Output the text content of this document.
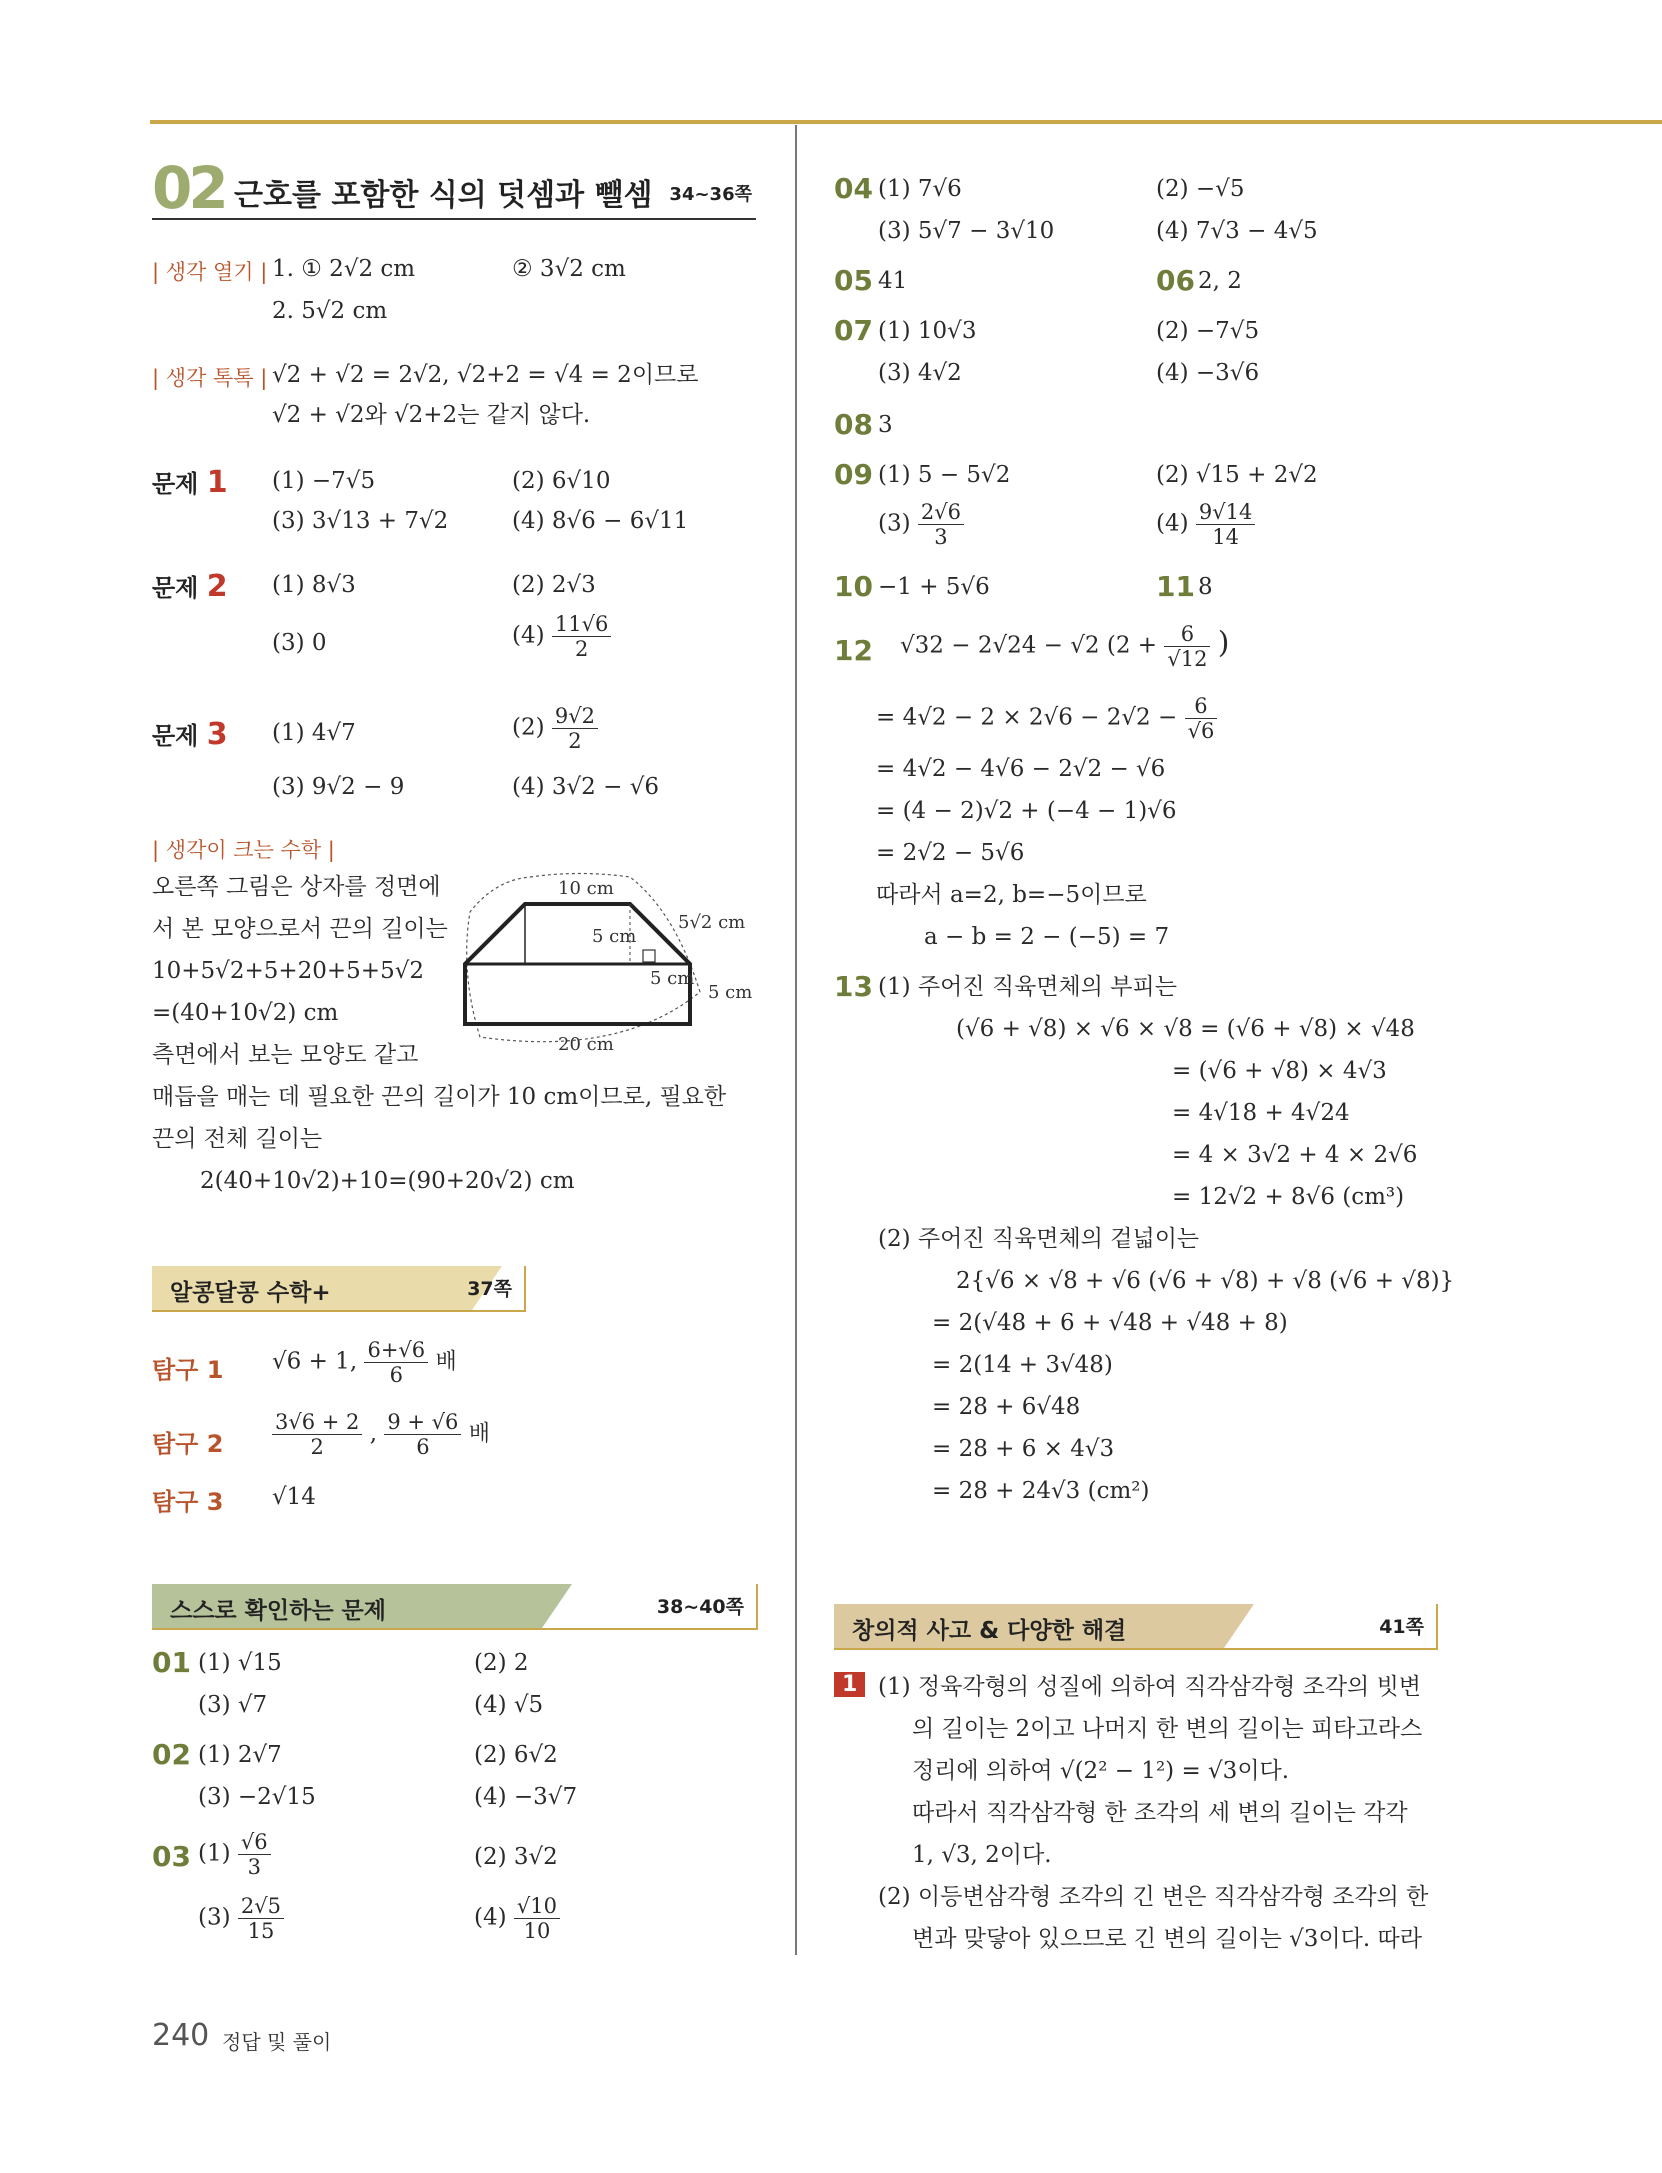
02 근호를 포함한 식의 덧셈과 뺄셈 34~36쪽
| 생각 열기 | 1. ① 2√2 cm	② 3√2 cm
2. 5√2 cm
| 생각 톡톡 | √2 + √2 = 2√2, √2+2 = √4 = 2이므로
√2 + √2와 √2+2는 같지 않다.
문제 1 (1) −7√5	(2) 6√10
(3) 3√13 + 7√2	(4) 8√6 − 6√11
문제 2 (1) 8√3	(2) 2√3
(3) 0	$(4) \frac{11√6}{2}$
문제 3 (1) 4√7	$(2) \frac{9√2}{2}$
(3) 9√2 − 9	(4) 3√2 − √6
| 생각이 크는 수학 |
오른쪽 그림은 상자를 정면에
서 본 모양으로서 끈의 길이는
10+5√2+5+20+5+5√2
=(40+10√2) cm
측면에서 보는 모양도 같고
매듭을 매는 데 필요한 끈의 길이가 10 cm이므로, 필요한
끈의 전체 길이는
2(40+10√2)+10=(90+20√2) cm
10 cm
5√2 cm
5 cm
5 cm
5 cm
20 cm
알콩달콩 수학+	37쪽
탐구 1 √6 + 1, $\frac{6+√6}{6}$ 배
탐구 $2 \frac{3√6 + 2}{2}$ , $\frac{9 + √6}{6}$ 배
탐구 3 √14
스스로 확인하는 문제	38~40쪽
01 (1) √15	(2) 2
(3) √7	(4) √5
02 (1) 2√7	(2) 6√2
(3) −2√15	(4) −3√7
03 $(1) \frac{√6}{3}$	(2) 3√2
$(3) \frac{2√5}{15}$	$(4) \frac{√10}{10}$
240 정답 및 풀이
04 (1) 7√6	(2) −√5
(3) 5√7 − 3√10	(4) 7√3 − 4√5
05 41	06 2, 2
07 (1) 10√3	(2) −7√5
(3) 4√2	(4) −3√6
08 3
09 (1) 5 − 5√2	(2) √15 + 2√2
$(3) \frac{2√6}{3}$	$(4) \frac{9√14}{14}$
10 −1 + 5√6	11 8
12 √32 − 2√24 − √2 ($2 + \frac{6}{√12}$ )
= $4√2 - 2 \times 2√6 - 2√2 - \frac{6}{√6}$
= 4√2 − 4√6 − 2√2 − √6
= (4 − 2)√2 + (−4 − 1)√6
= 2√2 − 5√6
따라서 a=2, b=−5이므로
a − b = 2 − (−5) = 7
13 (1) 주어진 직육면체의 부피는
(√6 + √8) × √6 × √8 = (√6 + √8) × √48
= (√6 + √8) × 4√3
= 4√18 + 4√24
= 4 × 3√2 + 4 × 2√6
= 12√2 + 8√6 (cm³)
(2) 주어진 직육면체의 겉넓이는
2{√6 × √8 + √6 (√6 + √8) + √8 (√6 + √8)}
= 2(√48 + 6 + √48 + √48 + 8)
= 2(14 + 3√48)
= 28 + 6√48
= 28 + 6 × 4√3
= 28 + 24√3 (cm²)
창의적 사고 & 다양한 해결	41쪽
1 (1) 정육각형의 성질에 의하여 직각삼각형 조각의 빗변
의 길이는 2이고 나머지 한 변의 길이는 피타고라스
정리에 의하여 √(2² − 1²) = √3이다.
따라서 직각삼각형 한 조각의 세 변의 길이는 각각
1, √3, 2이다.
(2) 이등변삼각형 조각의 긴 변은 직각삼각형 조각의 한
변과 맞닿아 있으므로 긴 변의 길이는 √3이다. 따라
